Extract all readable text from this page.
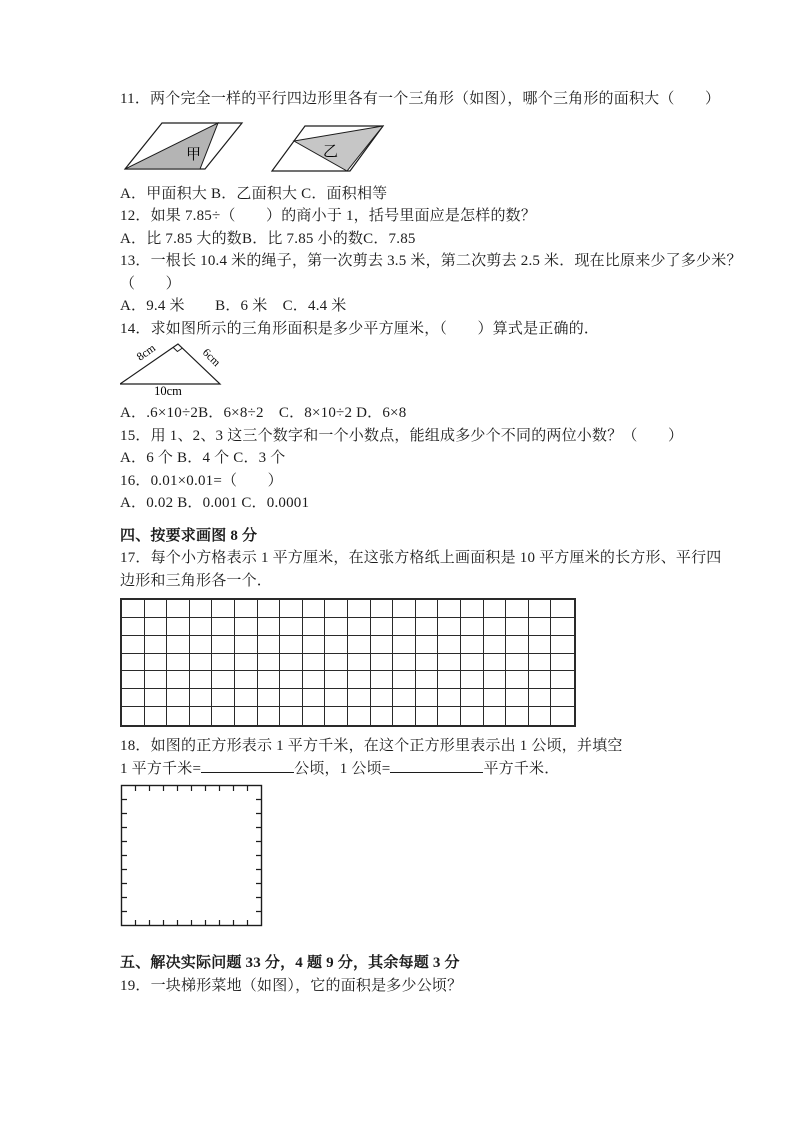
11．两个完全一样的平行四边形里各有一个三角形（如图），哪个三角形的面积大（　　）

甲	乙

A．甲面积大 B．乙面积大 C．面积相等

12．如果 7.85÷（　　）的商小于 1，括号里面应是怎样的数？

A．比 7.85 大的数B．比 7.85 小的数C．7.85

13．一根长 10.4 米的绳子，第一次剪去 3.5 米，第二次剪去 2.5 米．现在比原来少了多少米？

（　　）

A．9.4 米　　B．6 米　C．4.4 米

14．求如图所示的三角形面积是多少平方厘米，（　　）算式是正确的．

8cm	6cm
10cm

A．.6×10÷2B．6×8÷2　C．8×10÷2 D．6×8

15．用 1、2、3 这三个数字和一个小数点，能组成多少个不同的两位小数？（　　）

A．6 个 B．4 个 C．3 个

16．0.01×0.01=（　　）

A．0.02 B．0.001 C．0.0001

四、按要求画图 8 分

17．每个小方格表示 1 平方厘米，在这张方格纸上画面积是 10 平方厘米的长方形、平行四

边形和三角形各一个．

18．如图的正方形表示 1 平方千米，在这个正方形里表示出 1 公顷，并填空

1 平方千米=	公顷，1 公顷=	平方千米．

五、解决实际问题 33 分，4 题 9 分，其余每题 3 分

19．一块梯形菜地（如图），它的面积是多少公顷？
